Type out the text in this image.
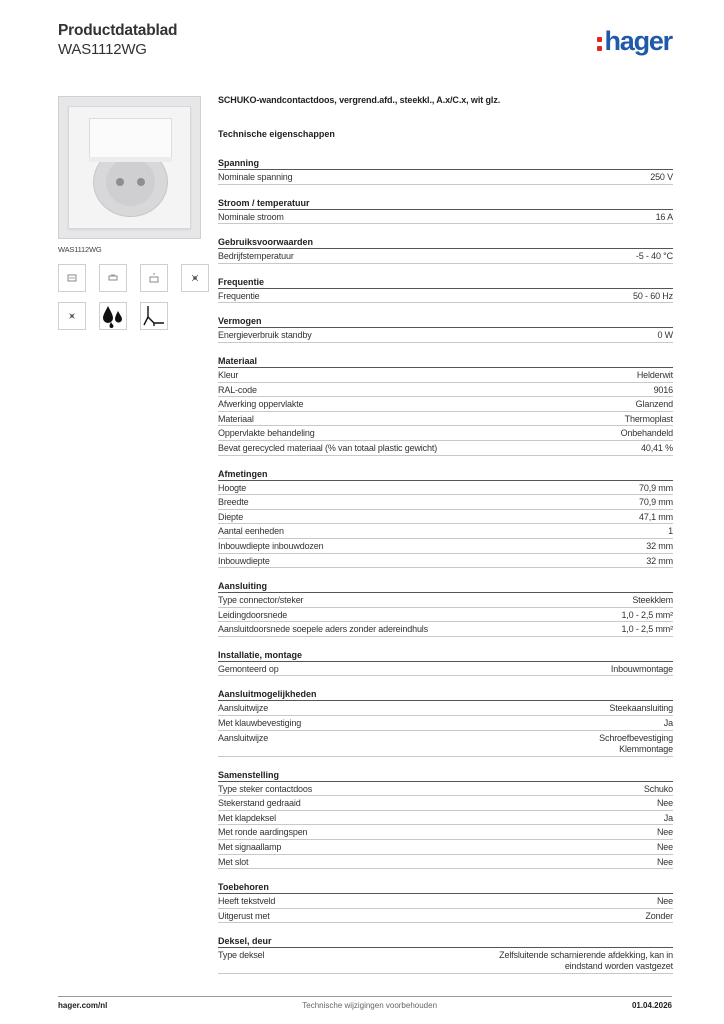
Productdatablad
WAS1112WG	hager
WAS1112WG
SCHUKO-wandcontactdoos, vergrend.afd., steekkl., A.x/C.x, wit glz.
Technische eigenschappen
Spanning
Nominale spanning	250 V
Stroom / temperatuur
Nominale stroom	16 A
Gebruiksvoorwaarden
Bedrijfstemperatuur	-5 - 40 °C
Frequentie
Frequentie	50 - 60 Hz
Vermogen
Energieverbruik standby	0 W
Materiaal
Kleur	Helderwit
RAL-code	9016
Afwerking oppervlakte	Glanzend
Materiaal	Thermoplast
Oppervlakte behandeling	Onbehandeld
Bevat gerecycled materiaal (% van totaal plastic gewicht)	40,41 %
Afmetingen
Hoogte	70,9 mm
Breedte	70,9 mm
Diepte	47,1 mm
Aantal eenheden	1
Inbouwdiepte inbouwdozen	32 mm
Inbouwdiepte	32 mm
Aansluiting
Type connector/steker	Steekklem
Leidingdoorsnede	1,0 - 2,5 mm²
Aansluitdoorsnede soepele aders zonder adereindhuls	1,0 - 2,5 mm²
Installatie, montage
Gemonteerd op	Inbouwmontage
Aansluitmogelijkheden
Aansluitwijze	Steekaansluiting
Met klauwbevestiging	Ja
Aansluitwijze	Schroefbevestiging
Klemmontage
Samenstelling
Type steker contactdoos	Schuko
Stekerstand gedraaid	Nee
Met klapdeksel	Ja
Met ronde aardingspen	Nee
Met signaallamp	Nee
Met slot	Nee
Toebehoren
Heeft tekstveld	Nee
Uitgerust met	Zonder
Deksel, deur
Type deksel	Zelfsluitende scharnierende afdekking, kan in
eindstand worden vastgezet
hager.com/nl	Technische wijzigingen voorbehouden	01.04.2026
